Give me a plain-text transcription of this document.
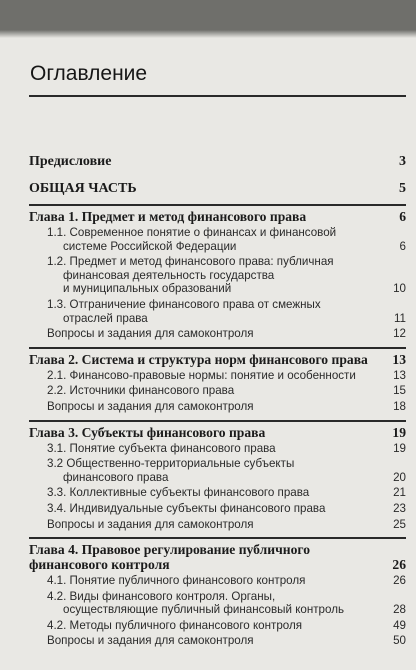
Оглавление
Предисловие	3
ОБЩАЯ ЧАСТЬ	5
Глава 1. Предмет и метод финансового права	6
1.1. Современное понятие о финансах и финансовой
системе Российской Федерации	6
1.2. Предмет и метод финансового права: публичная
финансовая деятельность государства
и муниципальных образований	10
1.3. Отграничение финансового права от смежных
отраслей права	11
Вопросы и задания для самоконтроля	12
Глава 2. Система и структура норм финансового права 13
2.1. Финансово-правовые нормы: понятие и особенности	13
2.2. Источники финансового права	15
Вопросы и задания для самоконтроля	18
Глава 3. Субъекты финансового права	19
3.1. Понятие субъекта финансового права	19
3.2 Общественно-территориальные субъекты
финансового права	20
3.3. Коллективные субъекты финансового права	21
3.4. Индивидуальные субъекты финансового права	23
Вопросы и задания для самоконтроля	25
Глава 4. Правовое регулирование публичного
финансового контроля	26
4.1. Понятие публичного финансового контроля	26
4.2. Виды финансового контроля. Органы,
осуществляющие публичный финансовый контроль	28
4.2. Методы публичного финансового контроля	49
Вопросы и задания для самоконтроля	50
